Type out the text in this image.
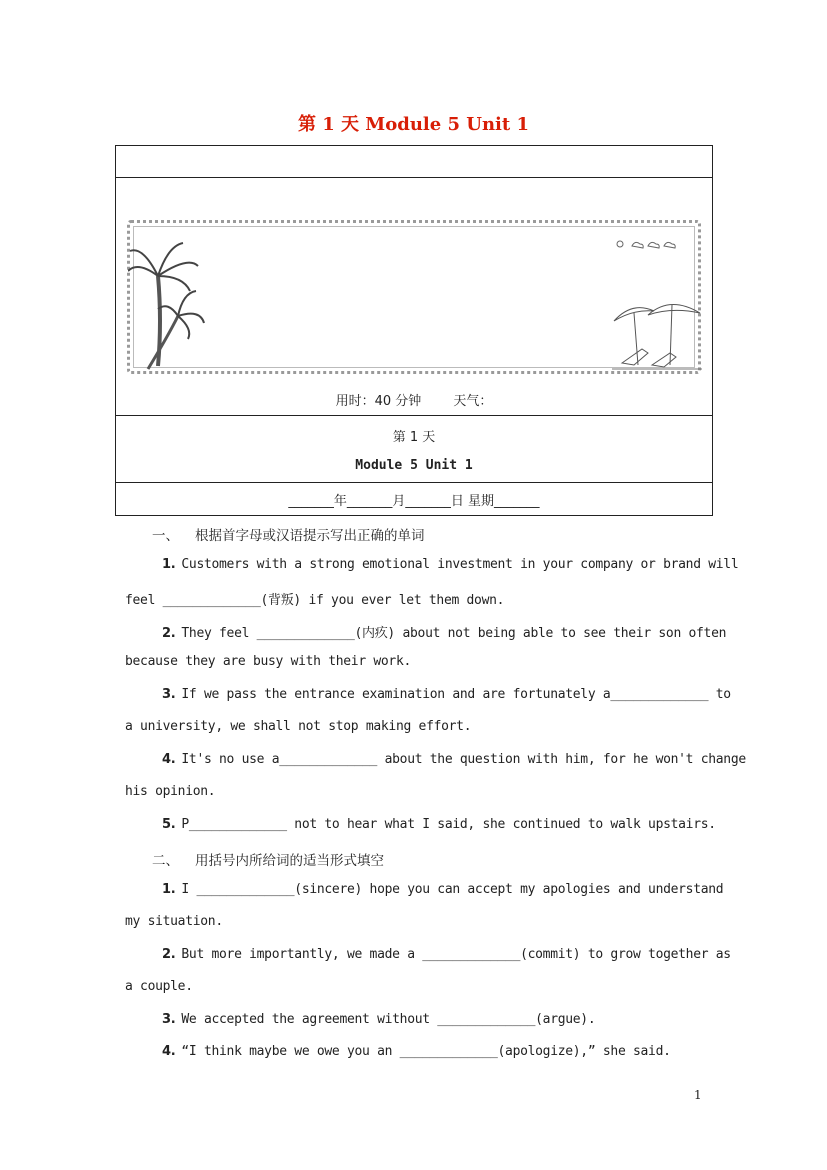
第 1 天 Module 5 Unit 1
用时：40 分钟 天气：
第 1 天
Module 5 Unit 1
_______年_______月_______日 星期_______
一、 根据首字母或汉语提示写出正确的单词
1. Customers with a strong emotional investment in your company or brand will
feel _____________(背叛) if you ever let them down.
2. They feel _____________(内疚) about not being able to see their son often
because they are busy with their work.
3. If we pass the entrance examination and are fortunately a_____________ to
a university, we shall not stop making effort.
4. It's no use a_____________ about the question with him, for he won't change
his opinion.
5. P_____________ not to hear what I said, she continued to walk upstairs.
二、 用括号内所给词的适当形式填空
1. I _____________(sincere) hope you can accept my apologies and understand
my situation.
2. But more importantly, we made a _____________(commit) to grow together as
a couple.
3. We accepted the agreement without _____________(argue).
4. “I think maybe we owe you an _____________(apologize),” she said.
1
